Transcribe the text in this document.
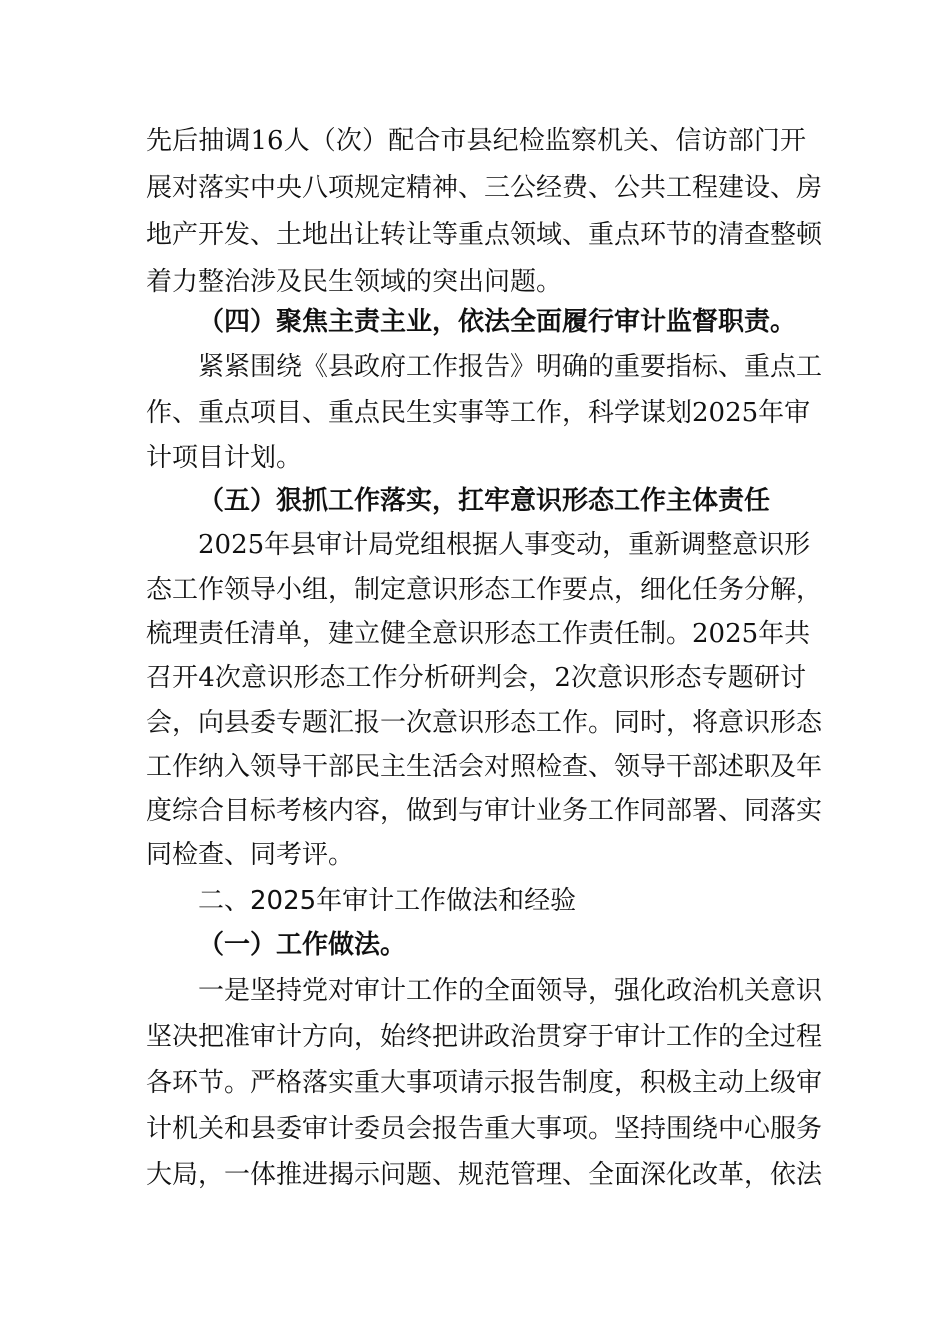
先后抽调16人（次）配合市县纪检监察机关、信访部门开
展对落实中央八项规定精神、三公经费、公共工程建设、房
地产开发、土地出让转让等重点领域、重点环节的清查整顿
着力整治涉及民生领域的突出问题。
（四）聚焦主责主业，依法全面履行审计监督职责。
紧紧围绕《县政府工作报告》明确的重要指标、重点工
作、重点项目、重点民生实事等工作，科学谋划2025年审
计项目计划。
（五）狠抓工作落实，扛牢意识形态工作主体责任
2025年县审计局党组根据人事变动，重新调整意识形
态工作领导小组，制定意识形态工作要点，细化任务分解，
梳理责任清单，建立健全意识形态工作责任制。2025年共
召开4次意识形态工作分析研判会，2次意识形态专题研讨
会，向县委专题汇报一次意识形态工作。同时，将意识形态
工作纳入领导干部民主生活会对照检查、领导干部述职及年
度综合目标考核内容，做到与审计业务工作同部署、同落实
同检查、同考评。
二、2025年审计工作做法和经验
（一）工作做法。
一是坚持党对审计工作的全面领导，强化政治机关意识
坚决把准审计方向，始终把讲政治贯穿于审计工作的全过程
各环节。严格落实重大事项请示报告制度，积极主动上级审
计机关和县委审计委员会报告重大事项。坚持围绕中心服务
大局，一体推进揭示问题、规范管理、全面深化改革，依法
